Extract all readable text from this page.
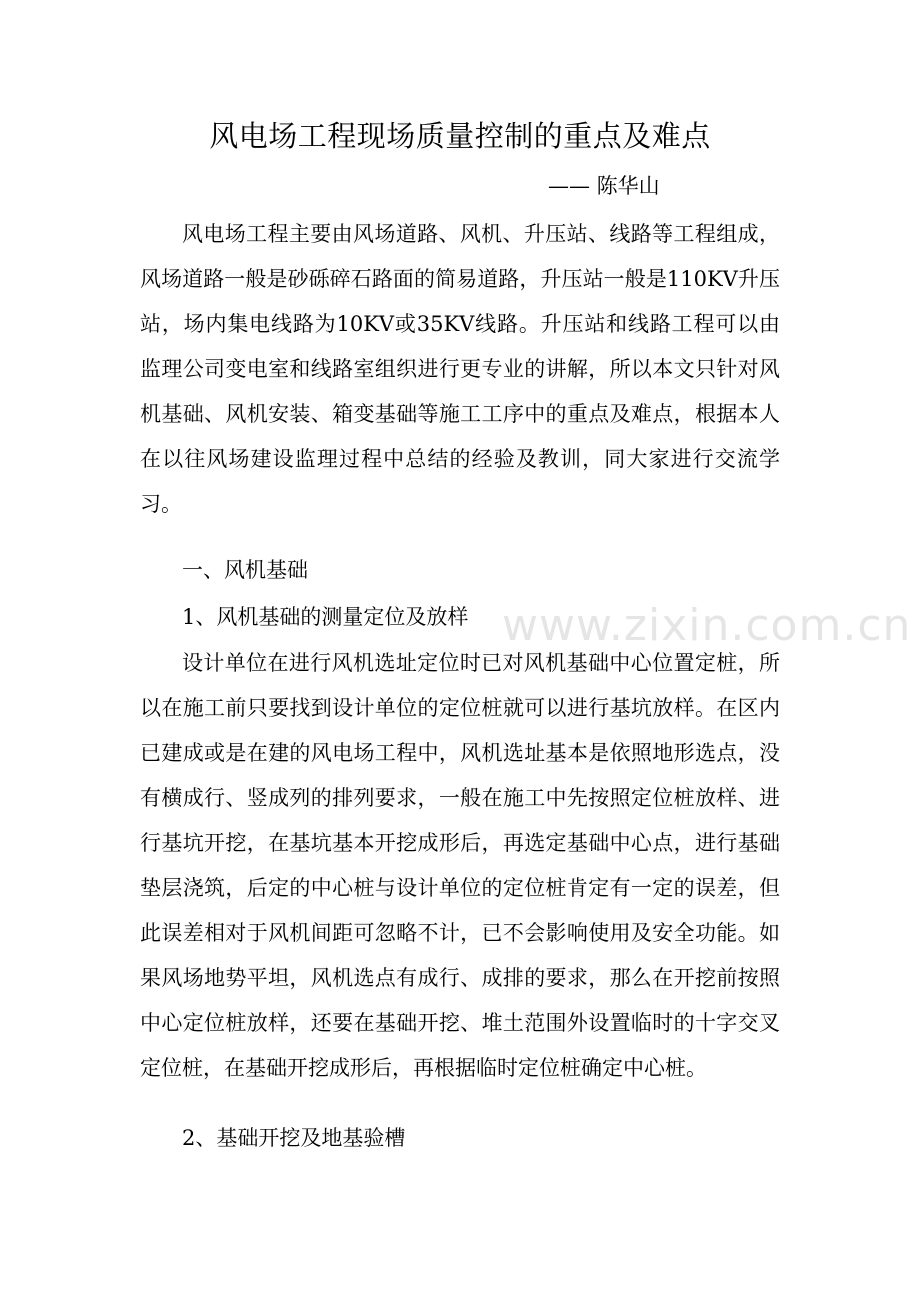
风电场工程现场质量控制的重点及难点
—— 陈华山
风电场工程主要由风场道路、风机、升压站、线路等工程组成，风场道路一般是砂砾碎石路面的简易道路，升压站一般是110KV升压站，场内集电线路为10KV或35KV线路。升压站和线路工程可以由监理公司变电室和线路室组织进行更专业的讲解，所以本文只针对风机基础、风机安装、箱变基础等施工工序中的重点及难点，根据本人在以往风场建设监理过程中总结的经验及教训，同大家进行交流学习。
一、风机基础
1、风机基础的测量定位及放样
设计单位在进行风机选址定位时已对风机基础中心位置定桩，所以在施工前只要找到设计单位的定位桩就可以进行基坑放样。在区内已建成或是在建的风电场工程中，风机选址基本是依照地形选点，没有横成行、竖成列的排列要求，一般在施工中先按照定位桩放样、进行基坑开挖，在基坑基本开挖成形后，再选定基础中心点，进行基础垫层浇筑，后定的中心桩与设计单位的定位桩肯定有一定的误差，但此误差相对于风机间距可忽略不计，已不会影响使用及安全功能。如果风场地势平坦，风机选点有成行、成排的要求，那么在开挖前按照中心定位桩放样，还要在基础开挖、堆土范围外设置临时的十字交叉定位桩，在基础开挖成形后，再根据临时定位桩确定中心桩。
2、基础开挖及地基验槽
www.zixin.com.cn
